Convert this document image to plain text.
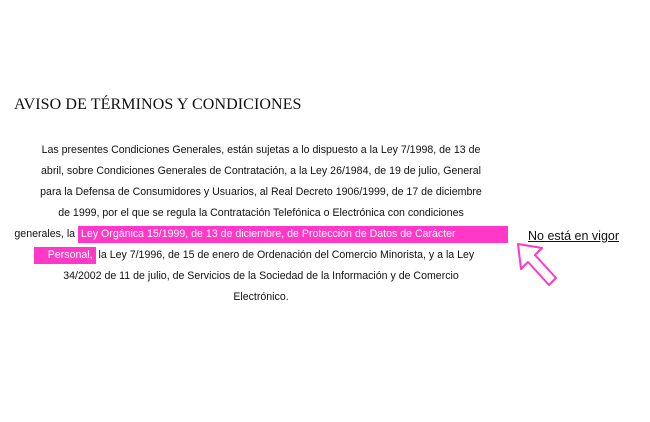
AVISO DE TÉRMINOS Y CONDICIONES
Las presentes Condiciones Generales, están sujetas a lo dispuesto a la Ley 7/1998, de 13 de
abril, sobre Condiciones Generales de Contratación, a la Ley 26/1984, de 19 de julio, General
para la Defensa de Consumidores y Usuarios, al Real Decreto 1906/1999, de 17 de diciembre
de 1999, por el que se regula la Contratación Telefónica o Electrónica con condiciones
generales, la Ley Orgánica 15/1999, de 13 de diciembre, de Protección de Datos de Carácter
Personal, la Ley 7/1996, de 15 de enero de Ordenación del Comercio Minorista, y a la Ley
34/2002 de 11 de julio, de Servicios de la Sociedad de la Información y de Comercio
Electrónico.
No está en vigor
